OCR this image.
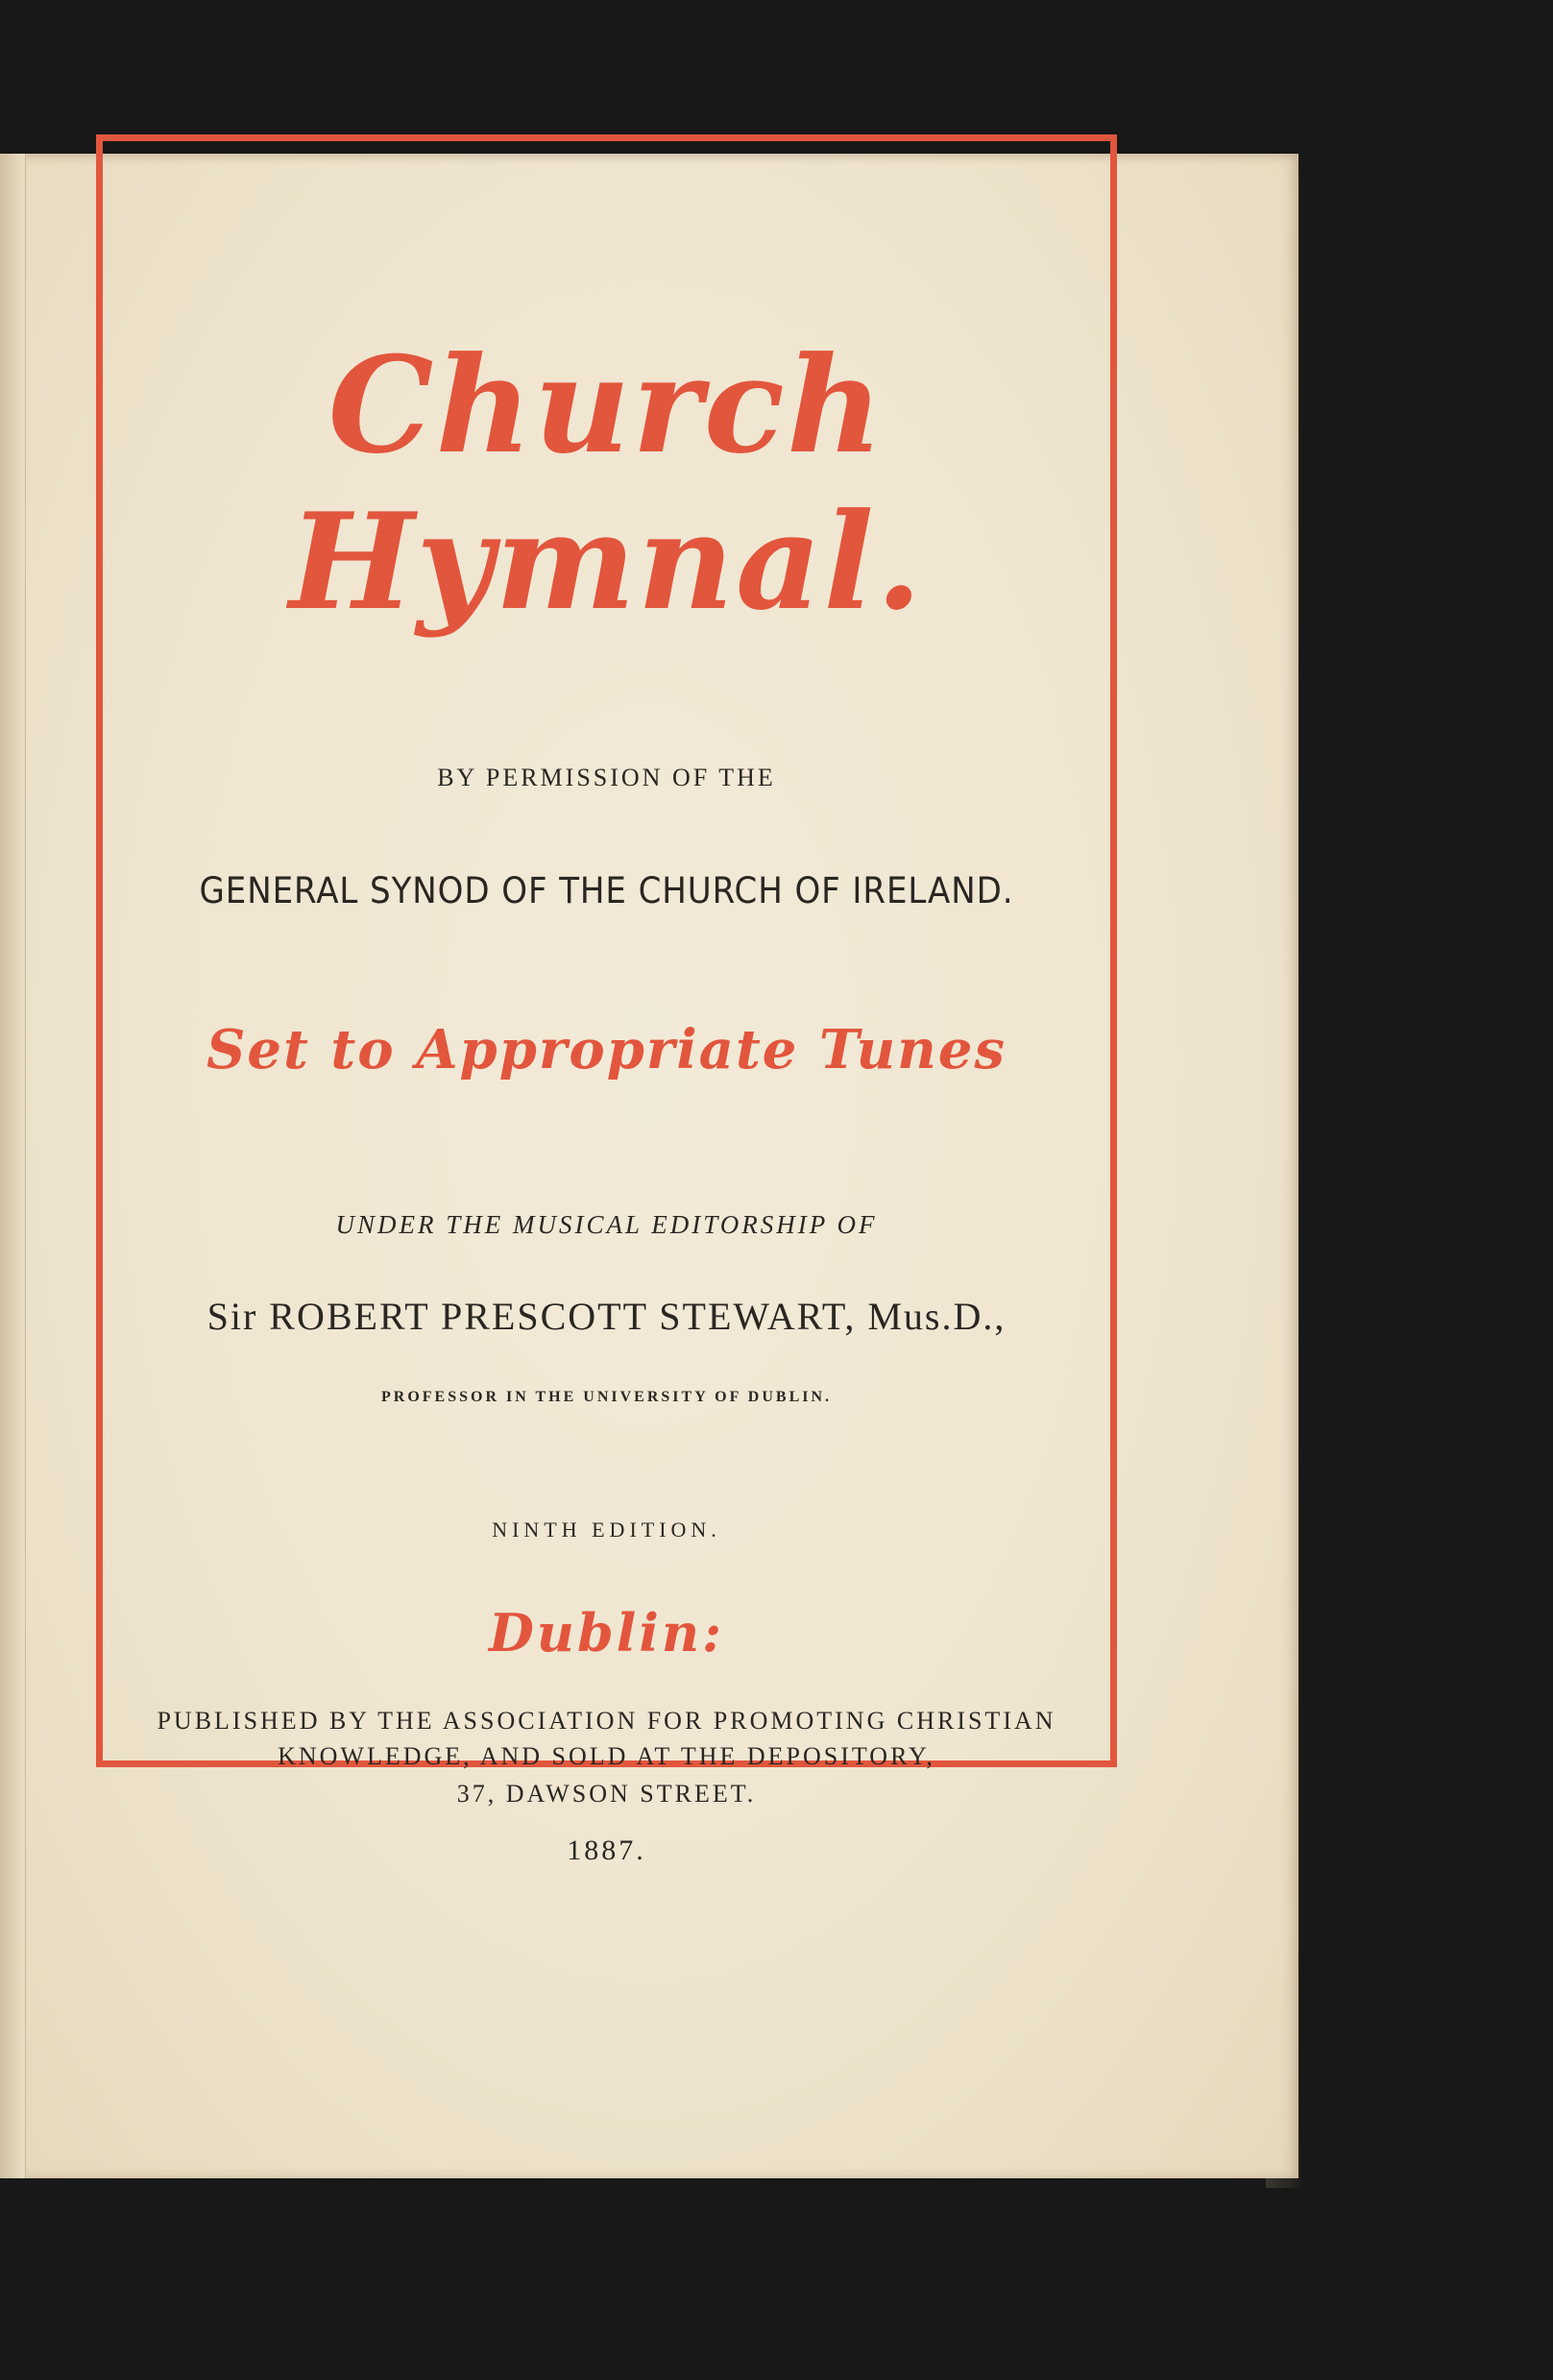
Church Hymnal.

BY PERMISSION OF THE

GENERAL SYNOD OF THE CHURCH OF IRELAND.

Set to Appropriate Tunes

UNDER THE MUSICAL EDITORSHIP OF

Sir ROBERT PRESCOTT STEWART, Mus.D.,

PROFESSOR IN THE UNIVERSITY OF DUBLIN.

NINTH EDITION.

Dublin:

PUBLISHED BY THE ASSOCIATION FOR PROMOTING CHRISTIAN

KNOWLEDGE, AND SOLD AT THE DEPOSITORY,

37, DAWSON STREET.

1887.
